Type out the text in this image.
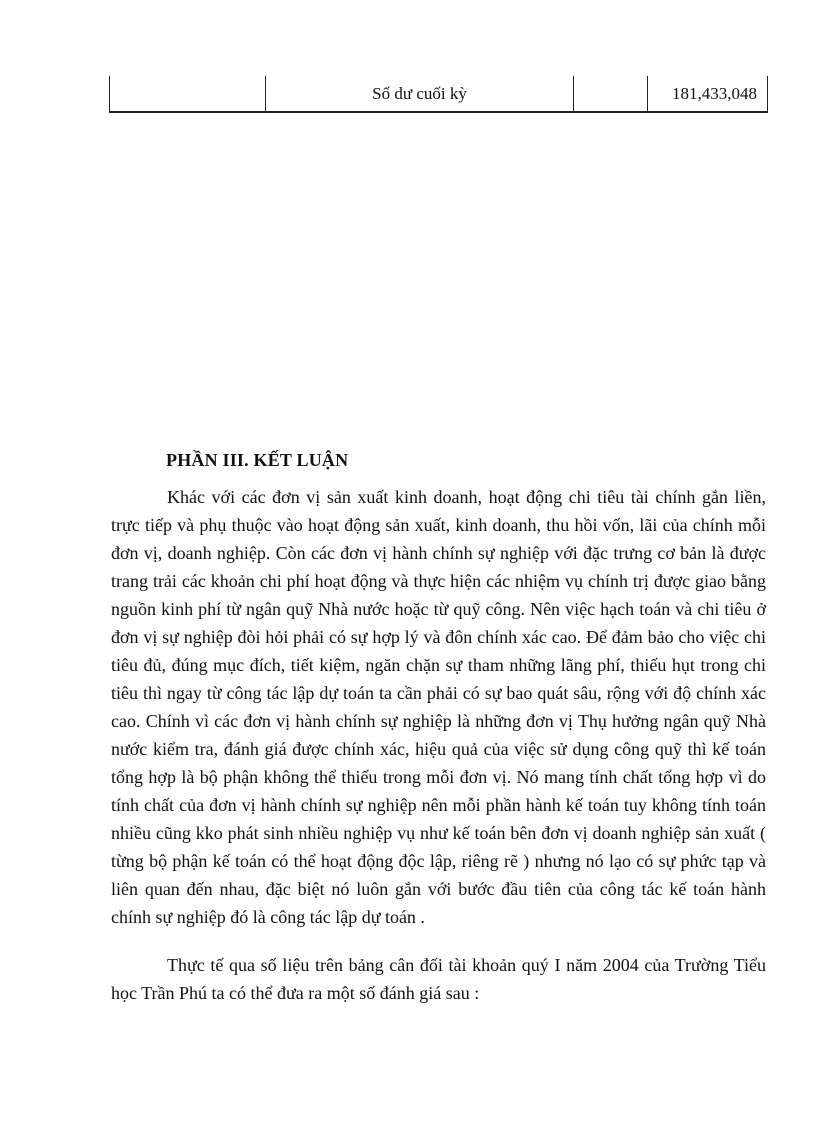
	Số dư cuối kỳ		181,433,048
PHẦN III. KẾT LUẬN

Khác với các đơn vị sản xuất kinh doanh, hoạt động chi tiêu tài chính gắn liền, trực tiếp và phụ thuộc vào hoạt động sản xuất, kinh doanh, thu hồi vốn, lãi của chính mỗi đơn vị, doanh nghiệp. Còn các đơn vị hành chính sự nghiệp với đặc trưng cơ bản là được trang trải các khoản chi phí hoạt động và thực hiện các nhiệm vụ chính trị được giao bằng nguồn kinh phí từ ngân quỹ Nhà nước hoặc từ quỹ công. Nên việc hạch toán và chi tiêu ở đơn vị sự nghiệp đòi hỏi phải có sự hợp lý và đôn chính xác cao. Để đảm bảo cho việc chi tiêu đủ, đúng mục đích, tiết kiệm, ngăn chặn sự tham những lãng phí, thiếu hụt trong chi tiêu thì ngay từ công tác lập dự toán ta cần phải có sự bao quát sâu, rộng với độ chính xác cao. Chính vì các đơn vị hành chính sự nghiệp là những đơn vị Thụ hưởng ngân quỹ Nhà nước kiểm tra, đánh giá được chính xác, hiệu quả của việc sử dụng công quỹ thì kế toán tổng hợp là bộ phận không thể thiếu trong mỗi đơn vị. Nó mang tính chất tổng hợp vì do tính chất của đơn vị hành chính sự nghiệp nên mỗi phần hành kế toán tuy không tính toán nhiều cũng kko phát sinh nhiều nghiệp vụ như kế toán bên đơn vị doanh nghiệp sản xuất ( từng bộ phận kế toán có thể hoạt động độc lập, riêng rẽ ) nhưng nó lạo có sự phức tạp và liên quan đến nhau, đặc biệt nó luôn gắn với bước đầu tiên của công tác kế toán hành chính sự nghiệp đó là công tác lập dự toán .

Thực tế qua số liệu trên bảng cân đối tài khoản quý I năm 2004 của Trường Tiểu học Trần Phú ta có thể đưa ra một số đánh giá sau :
